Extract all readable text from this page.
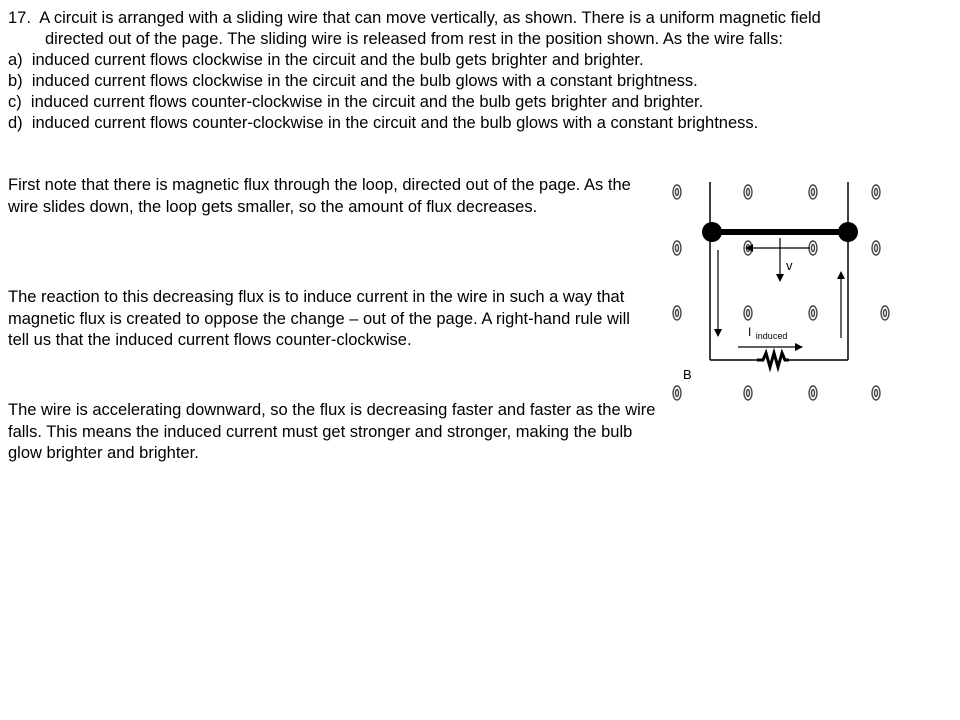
17. A circuit is arranged with a sliding wire that can move vertically, as shown. There is a uniform magnetic field
directed out of the page. The sliding wire is released from rest in the position shown. As the wire falls:
a) induced current flows clockwise in the circuit and the bulb gets brighter and brighter.
b) induced current flows clockwise in the circuit and the bulb glows with a constant brightness.
c) induced current flows counter-clockwise in the circuit and the bulb gets brighter and brighter.
d) induced current flows counter-clockwise in the circuit and the bulb glows with a constant brightness.
First note that there is magnetic flux through the loop, directed out of the page. As the wire slides down, the loop gets smaller, so the amount of flux decreases.
The reaction to this decreasing flux is to induce current in the wire in such a way that magnetic flux is created to oppose the change – out of the page. A right-hand rule will tell us that the induced current flows counter-clockwise.
The wire is accelerating downward, so the flux is decreasing faster and faster as the wire falls. This means the induced current must get stronger and stronger, making the bulb glow brighter and brighter.
v
I induced
B
